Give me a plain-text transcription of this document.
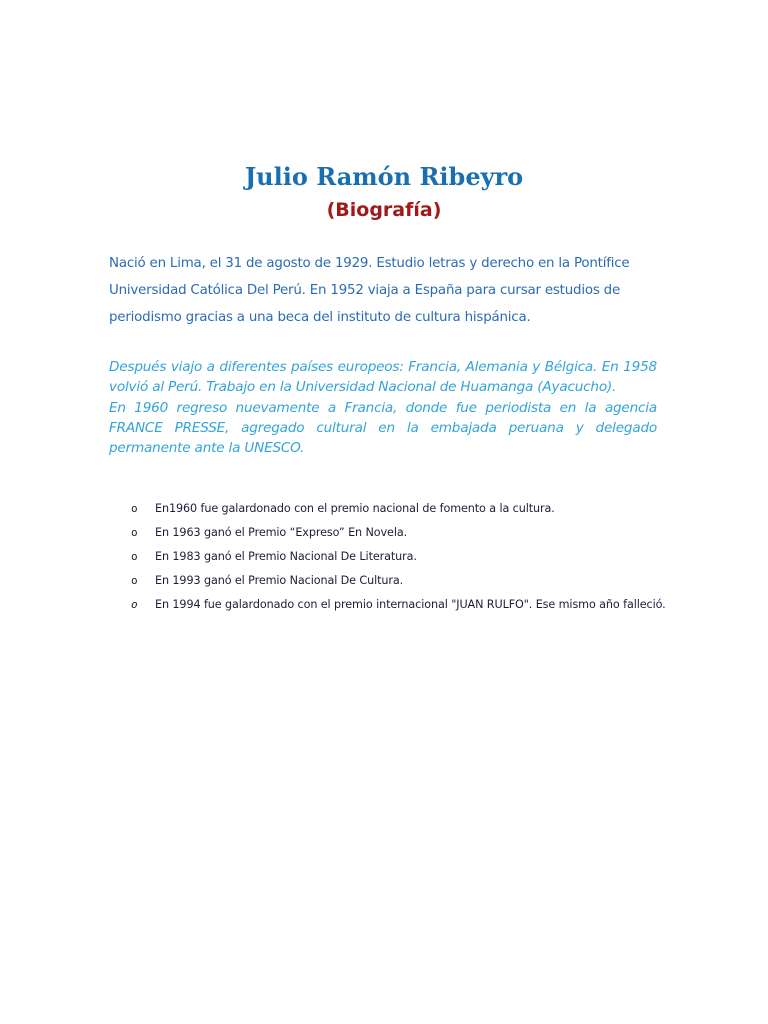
Julio Ramón Ribeyro
(Biografía)

Nació en Lima, el 31 de agosto de 1929. Estudio letras y derecho en la Pontífice Universidad Católica Del Perú. En 1952 viaja a España para cursar estudios de periodismo gracias a una beca del instituto de cultura hispánica.

Después viajo a diferentes países europeos: Francia, Alemania y Bélgica. En 1958 volvió al Perú. Trabajo en la Universidad Nacional de Huamanga (Ayacucho).
En 1960 regreso nuevamente a Francia, donde fue periodista en la agencia FRANCE PRESSE, agregado cultural en la embajada peruana y delegado permanente ante la UNESCO.

o En1960 fue galardonado con el premio nacional de fomento a la cultura.
o En 1963 ganó el Premio “Expreso” En Novela.
o En 1983 ganó el Premio Nacional De Literatura.
o En 1993 ganó el Premio Nacional De Cultura.
o En 1994 fue galardonado con el premio internacional "JUAN RULFO". Ese mismo año falleció.
